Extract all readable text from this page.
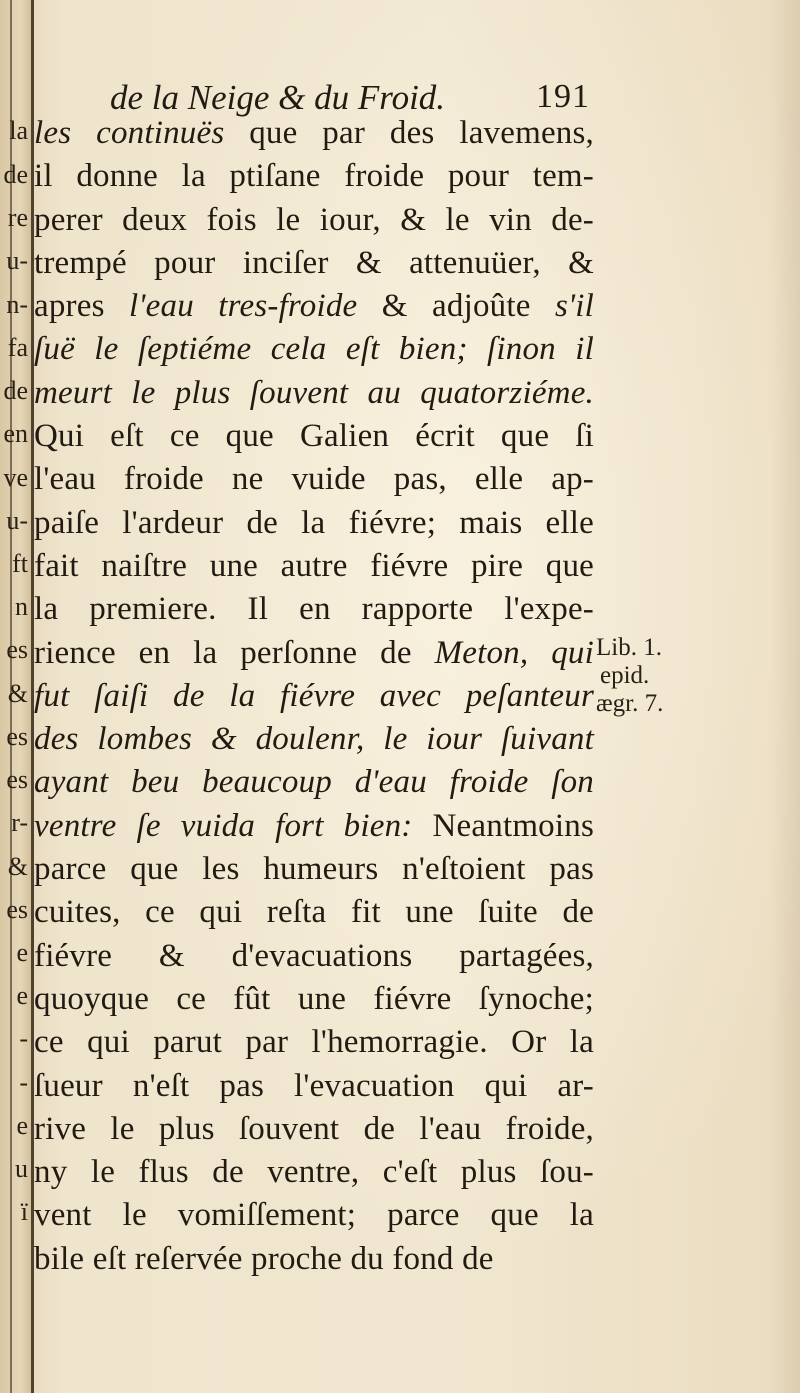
la
de
re
u-
n-
fa
de
en
ve
u-
ft
n
es
&
es
es
r-
&
es
e
e
-
-
e
u
ï
de la Neige & du Froid.	191
les continuës que par des lavemens,
il donne la ptiſane froide pour tem-
perer deux fois le iour, & le vin de-
trempé pour inciſer & attenuüer, &
apres l'eau tres-froide & adjoûte s'il
ſuë le ſeptiéme cela eſt bien; ſinon il
meurt le plus ſouvent au quatorziéme.
Qui eſt ce que Galien écrit que ſi
l'eau froide ne vuide pas, elle ap-
paiſe l'ardeur de la fiévre; mais elle
fait naiſtre une autre fiévre pire que
la premiere. Il en rapporte l'expe-
rience en la perſonne de Meton, qui
fut ſaiſi de la fiévre avec peſanteur
des lombes & doulenr, le iour ſuivant
ayant beu beaucoup d'eau froide ſon
ventre ſe vuida fort bien: Neantmoins
parce que les humeurs n'eſtoient pas
cuites, ce qui reſta fit une ſuite de
fiévre & d'evacuations partagées,
quoyque ce fût une fiévre ſynoche;
ce qui parut par l'hemorragie. Or la
ſueur n'eſt pas l'evacuation qui ar-
rive le plus ſouvent de l'eau froide,
ny le flus de ventre, c'eſt plus ſou-
vent le vomiſſement; parce que la
bile eſt reſervée proche du fond de
Lib. 1.
epid.
ægr. 7.
